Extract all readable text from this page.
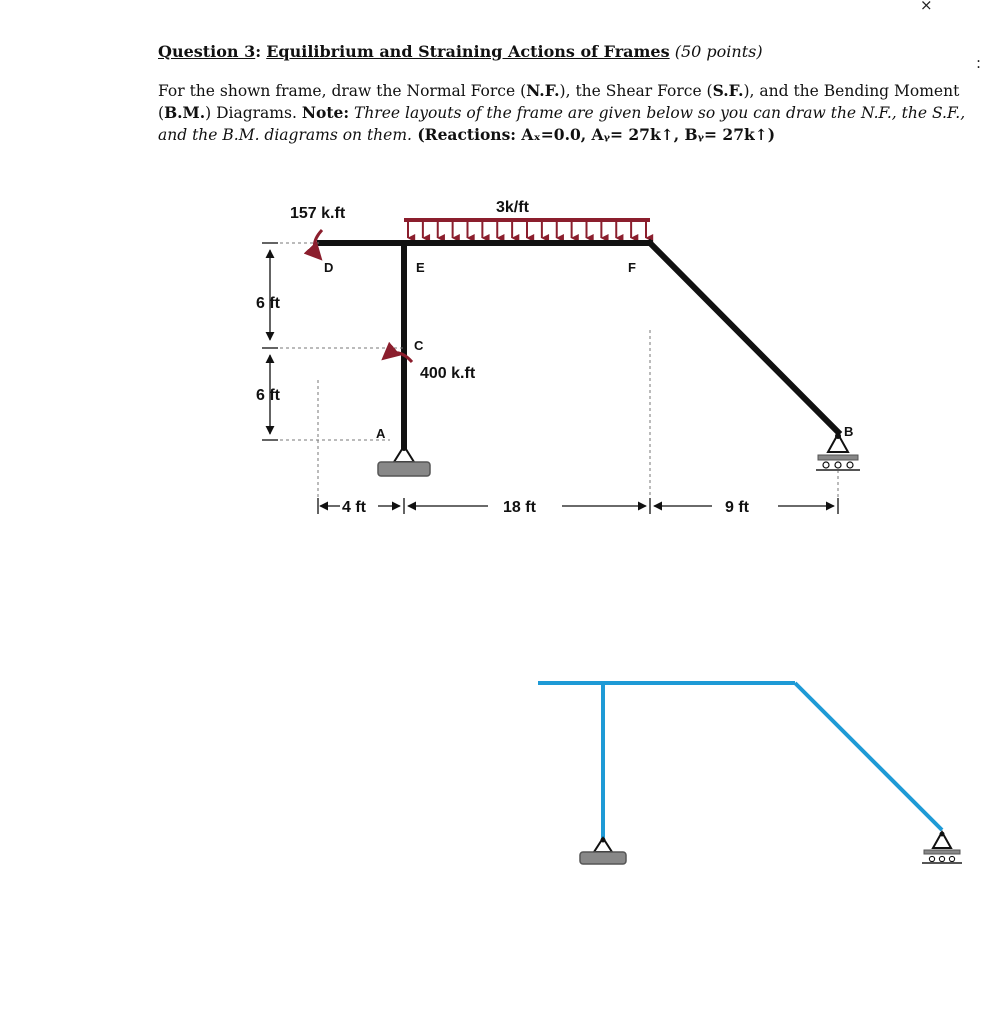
Question 3: Equilibrium and Straining Actions of Frames (50 points)
For the shown frame, draw the Normal Force (N.F.), the Shear Force (S.F.), and the Bending Moment (B.M.) Diagrams. Note: Three layouts of the frame are given below so you can draw the N.F., the S.F., and the B.M. diagrams on them. (Reactions: Aₓ=0.0, Aᵧ= 27k↑, Bᵧ= 27k↑)
⨯
:
6 ft
6 ft
4 ft	18 ft	9 ft
157 k.ft
400 k.ft
3k/ft
D	E	F
C
A	B
